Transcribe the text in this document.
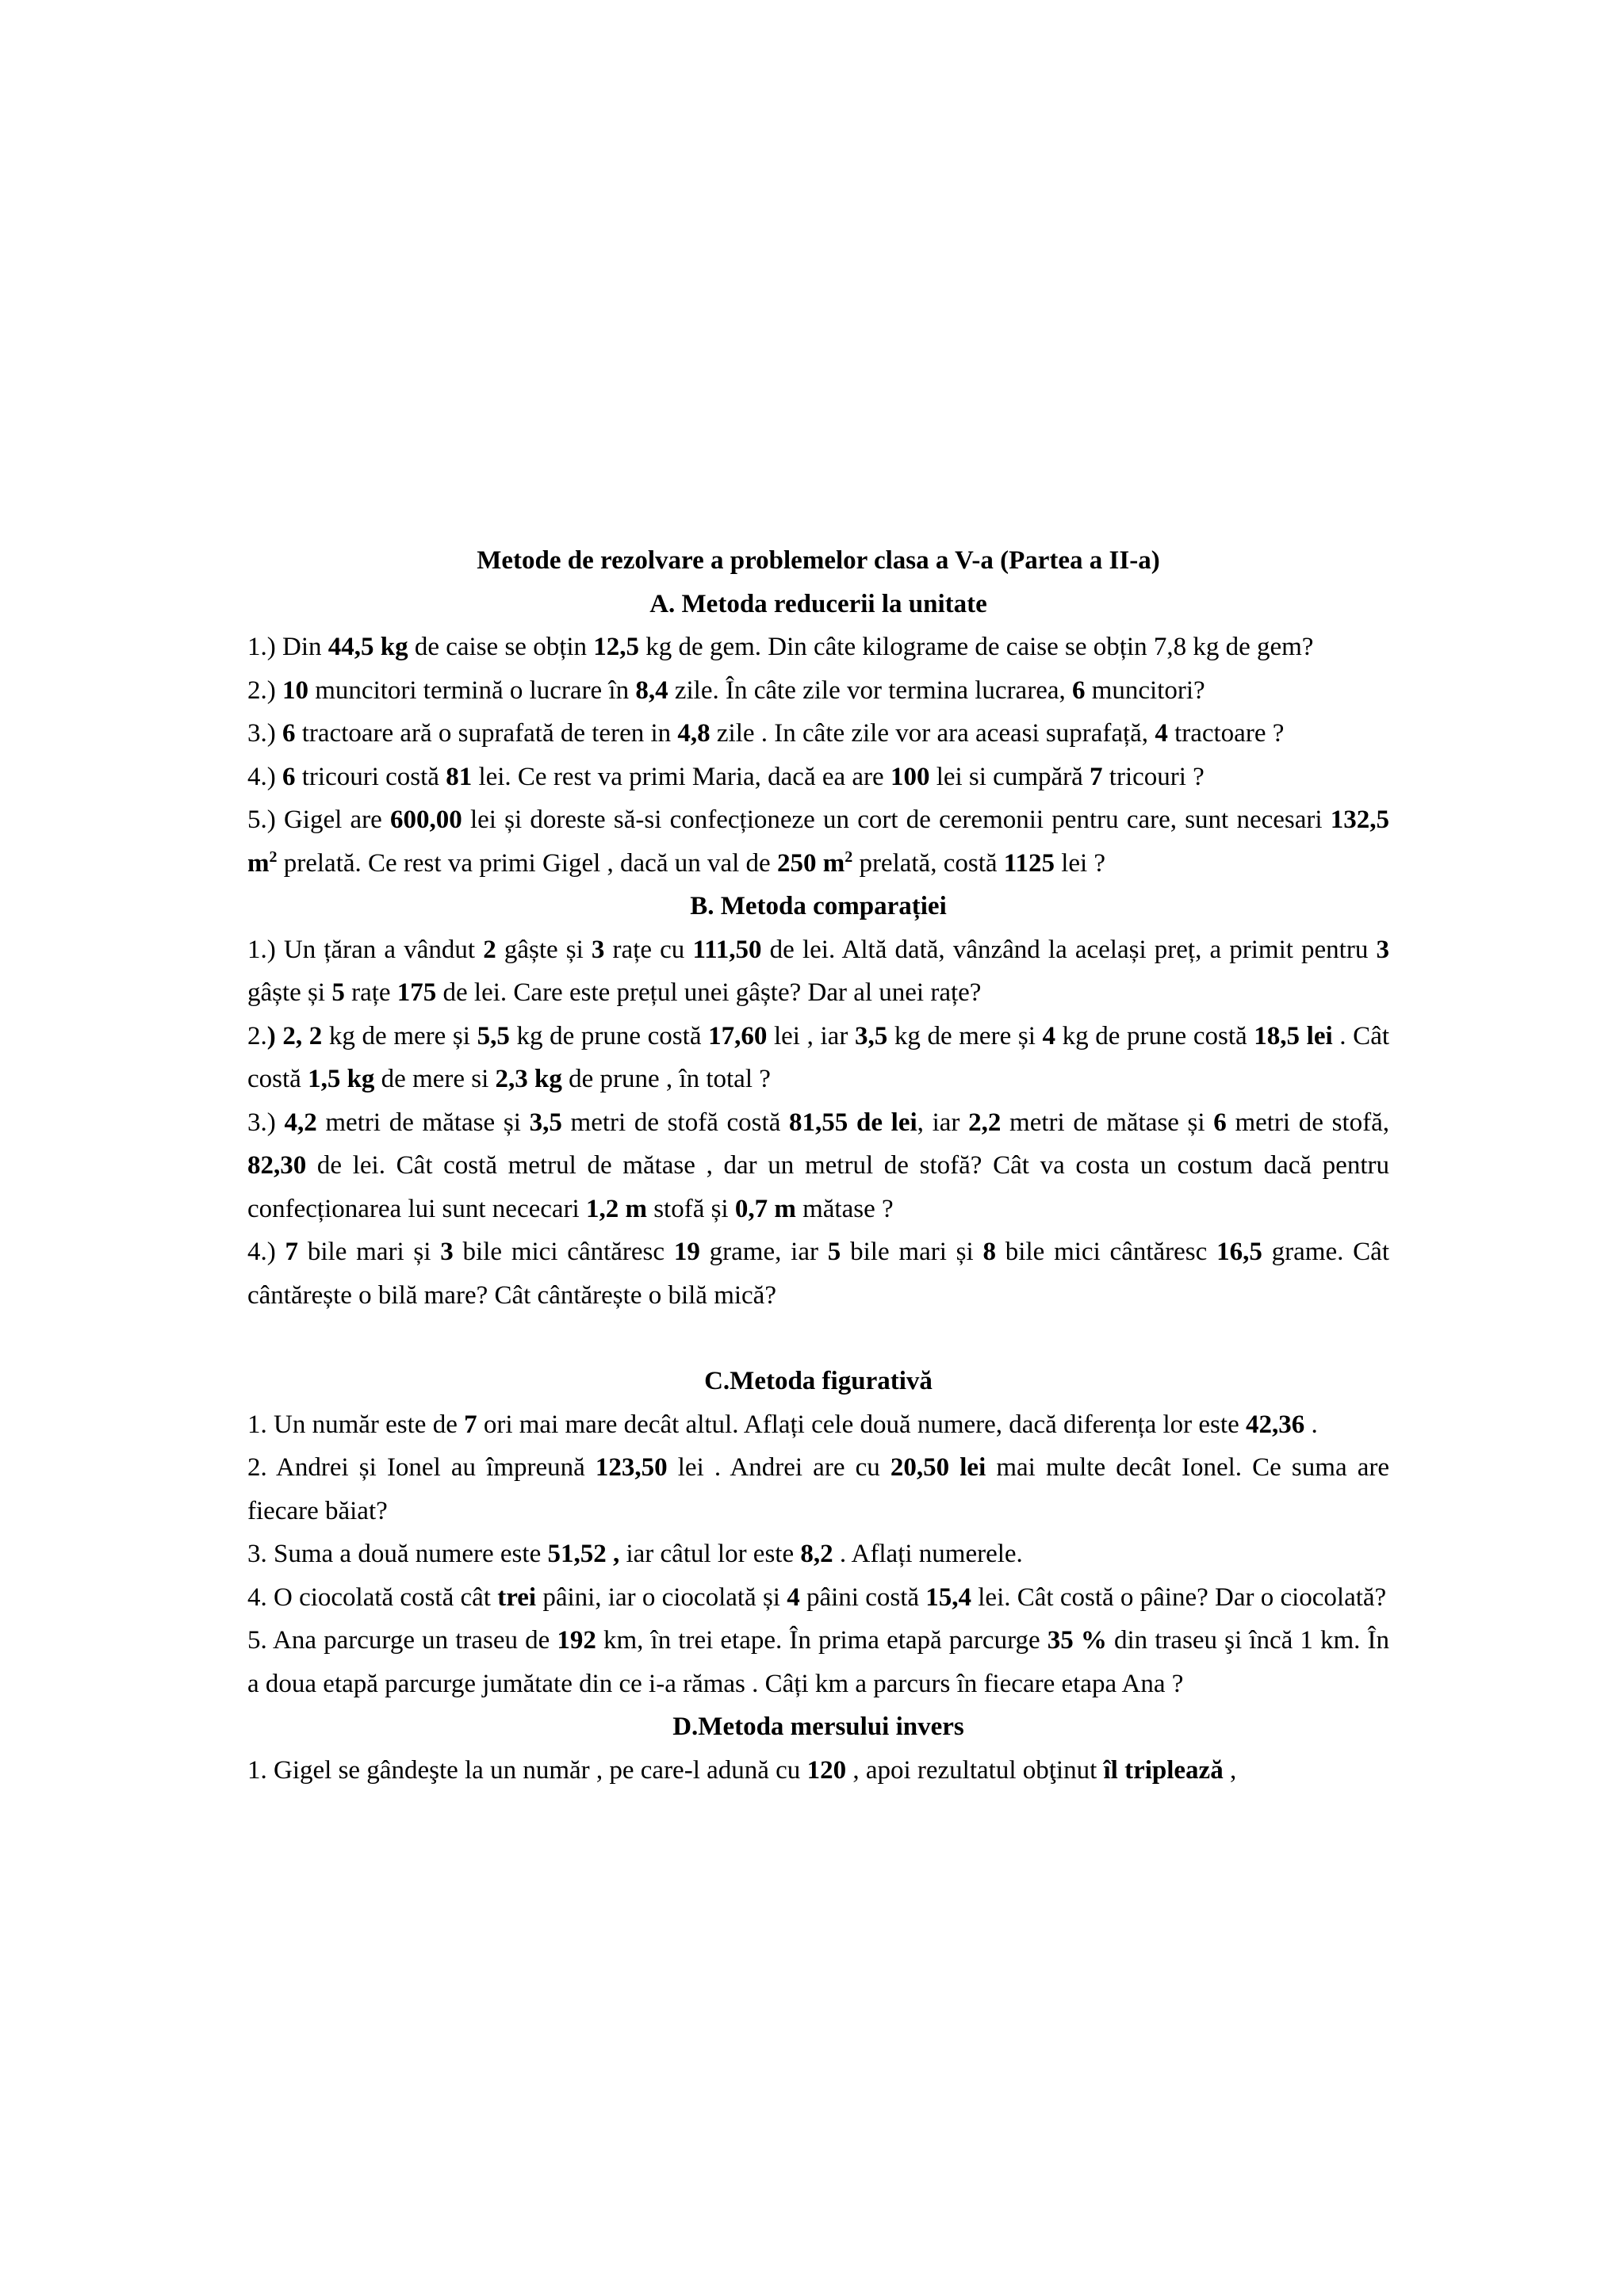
Metode de rezolvare a problemelor clasa a V-a (Partea a II-a)
A. Metoda reducerii la unitate
1.) Din 44,5 kg de caise se obțin 12,5 kg de gem. Din câte kilograme de caise se obțin 7,8 kg de gem?
2.) 10 muncitori termină o lucrare în 8,4 zile. În câte zile vor termina lucrarea, 6 muncitori?
3.) 6 tractoare ară o suprafată de teren in 4,8 zile . In câte zile vor ara aceasi suprafață, 4 tractoare ?
4.) 6 tricouri costă 81 lei. Ce rest va primi Maria, dacă ea are 100 lei si cumpără 7 tricouri ?
5.) Gigel are 600,00 lei și doreste să-si confecționeze un cort de ceremonii pentru care, sunt necesari 132,5 $m^2$ prelată. Ce rest va primi Gigel , dacă un val de 250 $m^2$ prelată, costă 1125 lei ?
B. Metoda comparației
1.) Un țăran a vândut 2 gâște și 3 rațe cu 111,50 de lei. Altă dată, vânzând la același preț, a primit pentru 3 gâște și 5 rațe 175 de lei. Care este prețul unei gâște? Dar al unei rațe?
2.) 2, 2 kg de mere și 5,5 kg de prune costă 17,60 lei , iar 3,5 kg de mere și 4 kg de prune costă 18,5 lei . Cât costă 1,5 kg de mere si 2,3 kg de prune , în total ?
3.) 4,2 metri de mătase și 3,5 metri de stofă costă 81,55 de lei, iar 2,2 metri de mătase și 6 metri de stofă, 82,30 de lei. Cât costă metrul de mătase , dar un metrul de stofă? Cât va costa un costum dacă pentru confecționarea lui sunt nececari 1,2 m stofă și 0,7 m mătase ?
4.) 7 bile mari și 3 bile mici cântăresc 19 grame, iar 5 bile mari și 8 bile mici cântăresc 16,5 grame. Cât cântărește o bilă mare? Cât cântărește o bilă mică?
C.Metoda figurativă
1. Un număr este de 7 ori mai mare decât altul. Aflați cele două numere, dacă diferența lor este 42,36 .
2. Andrei și Ionel au împreună 123,50 lei . Andrei are cu 20,50 lei mai multe decât Ionel. Ce suma are fiecare băiat?
3. Suma a două numere este 51,52 , iar câtul lor este 8,2 . Aflați numerele.
4. O ciocolată costă cât trei pâini, iar o ciocolată și 4 pâini costă 15,4 lei. Cât costă o pâine? Dar o ciocolată?
5. Ana parcurge un traseu de 192 km, în trei etape. În prima etapă parcurge 35 % din traseu şi încă 1 km. În a doua etapă parcurge jumătate din ce i-a rămas . Câți km a parcurs în fiecare etapa Ana ?
D.Metoda mersului invers
1. Gigel se gândeşte la un număr , pe care-l adună cu 120 , apoi rezultatul obţinut îl triplează ,
